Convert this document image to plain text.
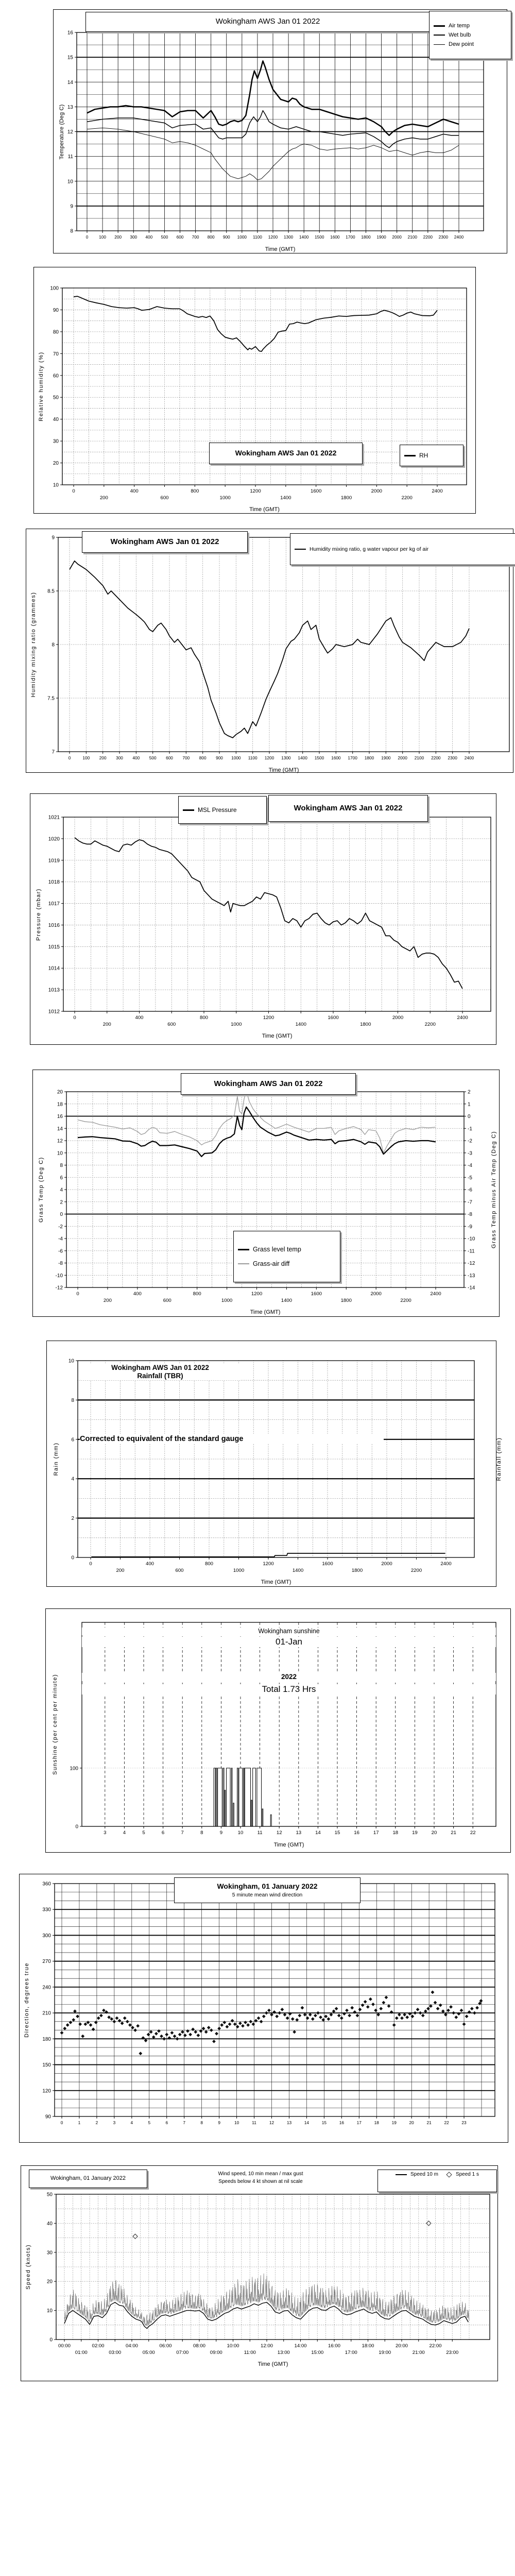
8
9
10
11
12
13
14
15
16
0	100 200 300 400 500 600 700 800 900 1000 1100 1200 1300 1400 1500 1600 1700 1800 1900 2000 2100 2200 2300 2400
Wokingham AWS Jan 01 2022	Air temp
Wet bulb
Dew point
Temperature (Deg C)
Time (GMT)
10
20
30
40
50
60
70
80
90
100
0
200
400
600
800
1000
1200
1400
1600
1800
2000
2200
2400
Wokingham AWS Jan 01 2022	RH
Relative humidity (%)
Time (GMT)
7
7.5
8
8.5
9
0	100 200 300 400 500 600 700 800 900 1000 1100 1200 1300 1400 1500 1600 1700 1800 1900 2000 2100 2200 2300 2400
Wokingham AWS Jan 01 2022
Humidity mixing ratio, g water vapour per kg of air
Humidity mixing ratio (grammes)
Time (GMT)
1012
1013
1014
1015
1016
1017
1018
1019
1020
1021
0
200
400
600
800
1000
1200
1400
1600
1800
2000
2200
2400
MSL Pressure	Wokingham AWS Jan 01 2022
Pressure (mbar)
Time (GMT)
-12
-10
-8
-6
-4
-2
0
2
4
6
8
10
12
14
16
18
20
-14
-13
-12
-11
-10
-9
-8
-7
-6
-5
-4
-3
-2
-1
0
1
2
0
200
400
600
800
1000
1200
1400
1600
1800
2000
2200
2400
Wokingham AWS Jan 01 2022
Grass level temp
Grass-air diff
Grass Temp (Deg C)	Grass Temp minus Air Temp (Deg C)
Time (GMT)
0
2
4
6
8
10
0
200
400
600
800
1000
1200
1400
1600
1800
2000
2200
2400
Wokingham AWS Jan 01 2022
Rainfall (TBR)
Corrected to equivalent of the standard gauge
Rain (mm)	Rainfall (mm)
Time (GMT)
0
100
3	4	5	6	7	8	9	10	11	12	13	14	15	16	17	18	19	20	21	22
Wokingham sunshine
01-Jan
2022
Total 1.73 Hrs
Sunshine (per cent per minute)
Time (GMT)
90
120
150
180
210
240
270
300
330
360
0	1	2	3	4	5	6	7	8	9	10	11	12	13	14	15	16	17	18	19	20	21	22	23
Wokingham, 01 January 2022
5 minute mean wind direction
Direction, degrees true
0
10
20
30
40
50
00:00
01:00
02:00
03:00
04:00
05:00
06:00
07:00
08:00
09:00
10:00
11:00
12:00
13:00
14:00
15:00
16:00
17:00
18:00
19:00
20:00
21:00
22:00
23:00
Wokingham, 01 January 2022
Wind speed, 10 min mean / max gust
Speeds below 4 kt shown at nil scale
Speed 10 m	Speed 1 s
Speed (knots)
Time (GMT)
